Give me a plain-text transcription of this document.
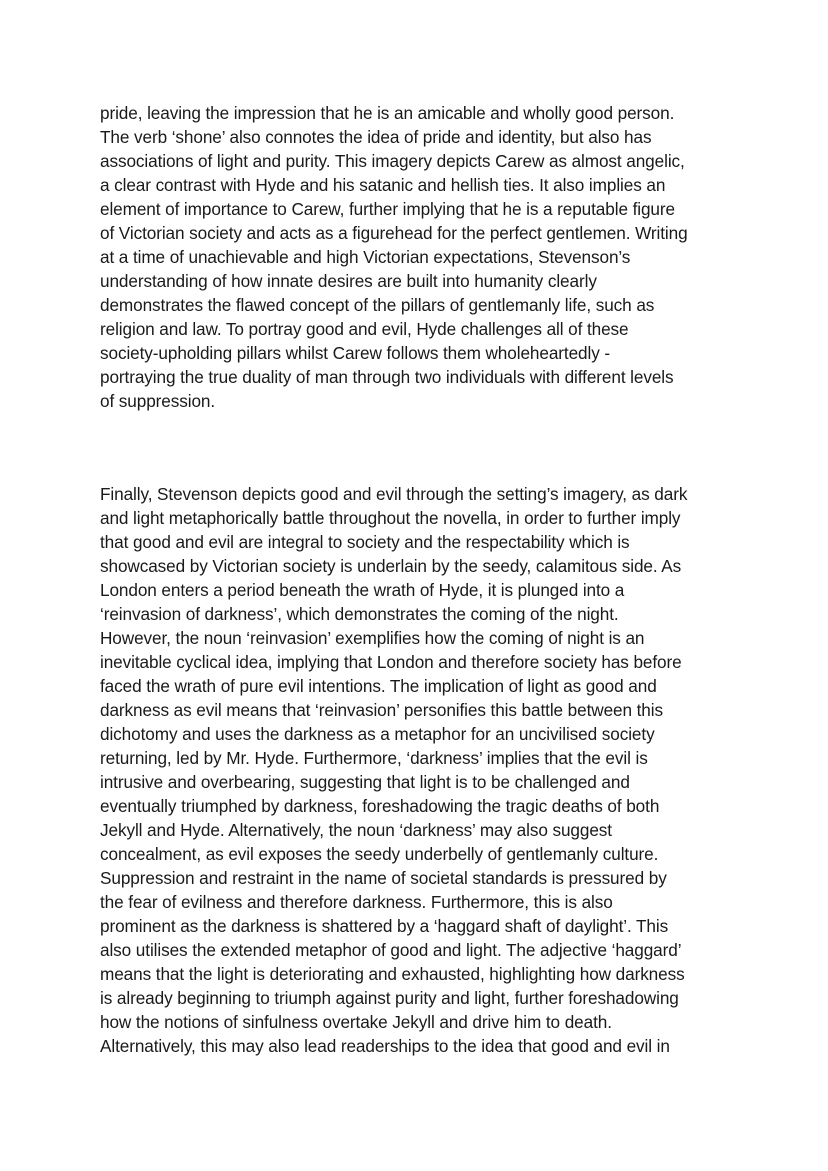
pride, leaving the impression that he is an amicable and wholly good person.
The verb ‘shone’ also connotes the idea of pride and identity, but also has
associations of light and purity. This imagery depicts Carew as almost angelic,
a clear contrast with Hyde and his satanic and hellish ties. It also implies an
element of importance to Carew, further implying that he is a reputable figure
of Victorian society and acts as a figurehead for the perfect gentlemen. Writing
at a time of unachievable and high Victorian expectations, Stevenson’s
understanding of how innate desires are built into humanity clearly
demonstrates the flawed concept of the pillars of gentlemanly life, such as
religion and law. To portray good and evil, Hyde challenges all of these
society-upholding pillars whilst Carew follows them wholeheartedly -
portraying the true duality of man through two individuals with different levels
of suppression.
Finally, Stevenson depicts good and evil through the setting’s imagery, as dark
and light metaphorically battle throughout the novella, in order to further imply
that good and evil are integral to society and the respectability which is
showcased by Victorian society is underlain by the seedy, calamitous side. As
London enters a period beneath the wrath of Hyde, it is plunged into a
‘reinvasion of darkness’, which demonstrates the coming of the night.
However, the noun ‘reinvasion’ exemplifies how the coming of night is an
inevitable cyclical idea, implying that London and therefore society has before
faced the wrath of pure evil intentions. The implication of light as good and
darkness as evil means that ‘reinvasion’ personifies this battle between this
dichotomy and uses the darkness as a metaphor for an uncivilised society
returning, led by Mr. Hyde. Furthermore, ‘darkness’ implies that the evil is
intrusive and overbearing, suggesting that light is to be challenged and
eventually triumphed by darkness, foreshadowing the tragic deaths of both
Jekyll and Hyde. Alternatively, the noun ‘darkness’ may also suggest
concealment, as evil exposes the seedy underbelly of gentlemanly culture.
Suppression and restraint in the name of societal standards is pressured by
the fear of evilness and therefore darkness. Furthermore, this is also
prominent as the darkness is shattered by a ‘haggard shaft of daylight’. This
also utilises the extended metaphor of good and light. The adjective ‘haggard’
means that the light is deteriorating and exhausted, highlighting how darkness
is already beginning to triumph against purity and light, further foreshadowing
how the notions of sinfulness overtake Jekyll and drive him to death.
Alternatively, this may also lead readerships to the idea that good and evil in
